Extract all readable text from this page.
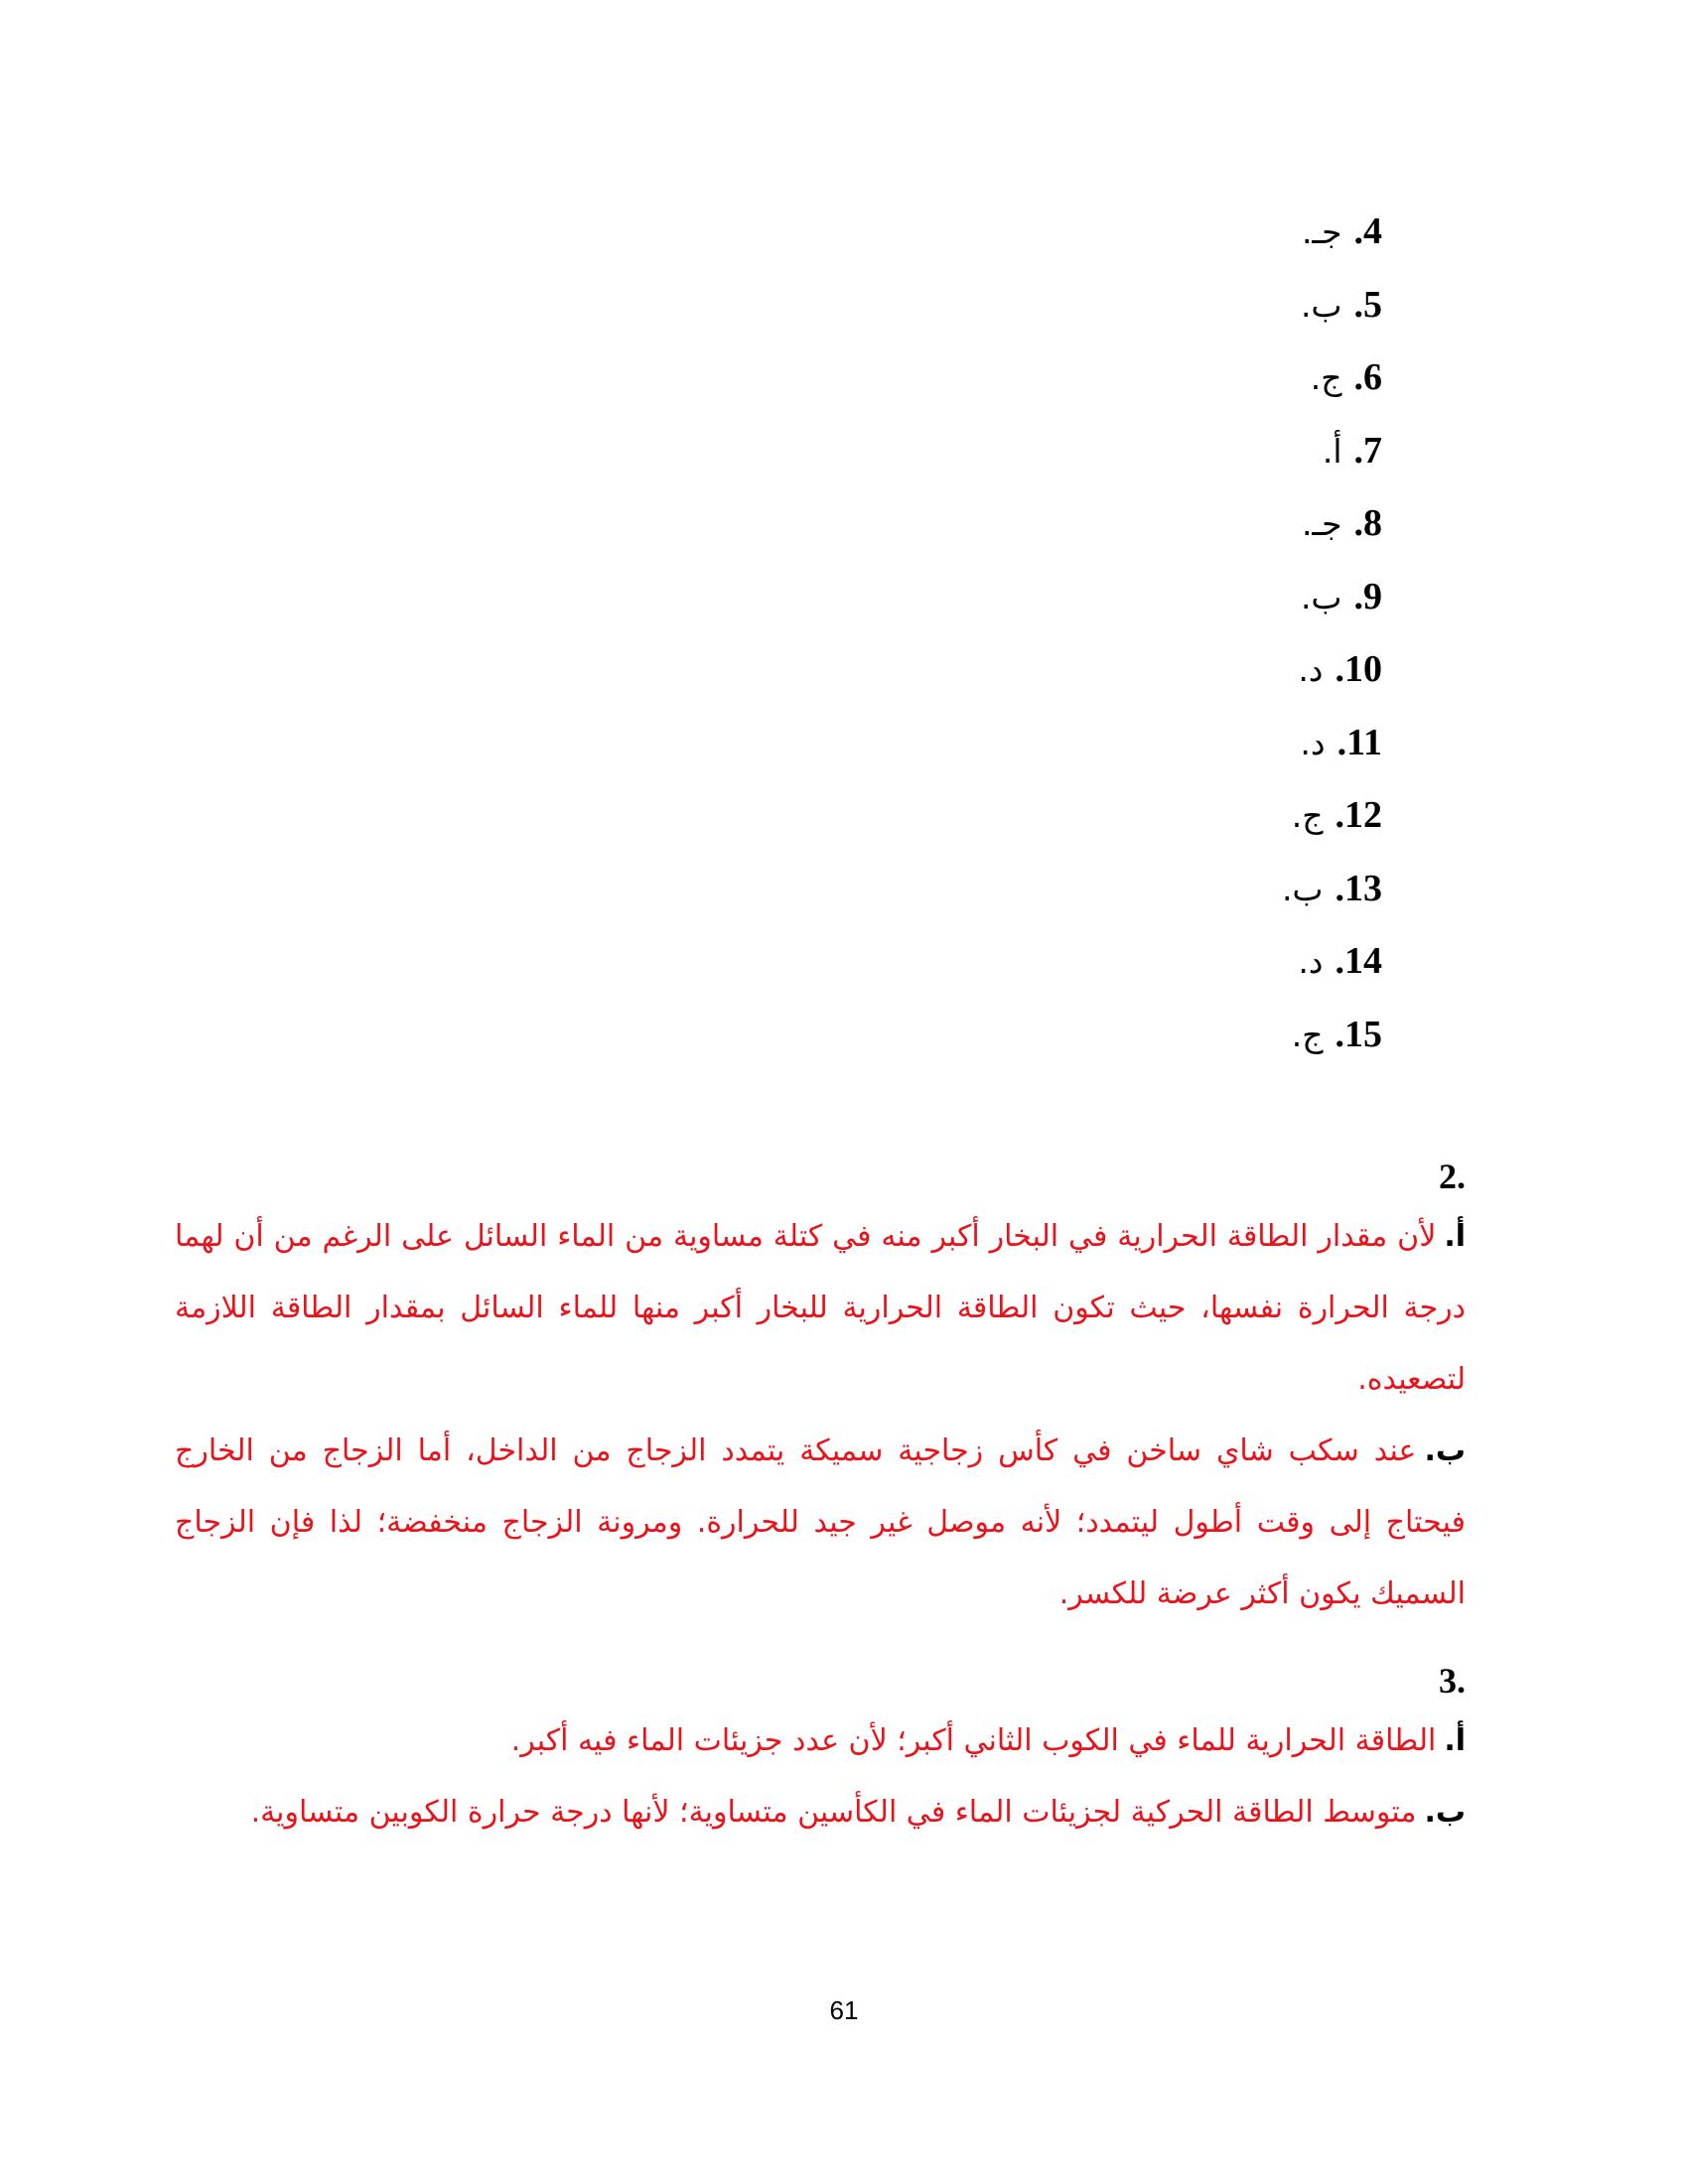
4.جـ.
5.ب.
6.ج.
7.أ.
8.جـ.
9.ب.
10.د.
11.د.
12.ج.
13.ب.
14.د.
15.ج.
.2

أ.لأن مقدار الطاقة الحرارية في البخار أكبر منه في كتلة مساوية من الماء السائل على الرغم من أن لهما درجة الحرارة نفسها، حيث تكون الطاقة الحرارية للبخار أكبر منها للماء السائل بمقدار الطاقة اللازمة لتصعيده.

ب.عند سكب شاي ساخن في كأس زجاجية سميكة يتمدد الزجاج من الداخل، أما الزجاج من الخارج فيحتاج إلى وقت أطول ليتمدد؛ لأنه موصل غير جيد للحرارة. ومرونة الزجاج منخفضة؛ لذا فإن الزجاج السميك يكون أكثر عرضة للكسر.

.3

أ.الطاقة الحرارية للماء في الكوب الثاني أكبر؛ لأن عدد جزيئات الماء فيه أكبر.

ب.متوسط الطاقة الحركية لجزيئات الماء في الكأسين متساوية؛ لأنها درجة حرارة الكوبين متساوية.

61
